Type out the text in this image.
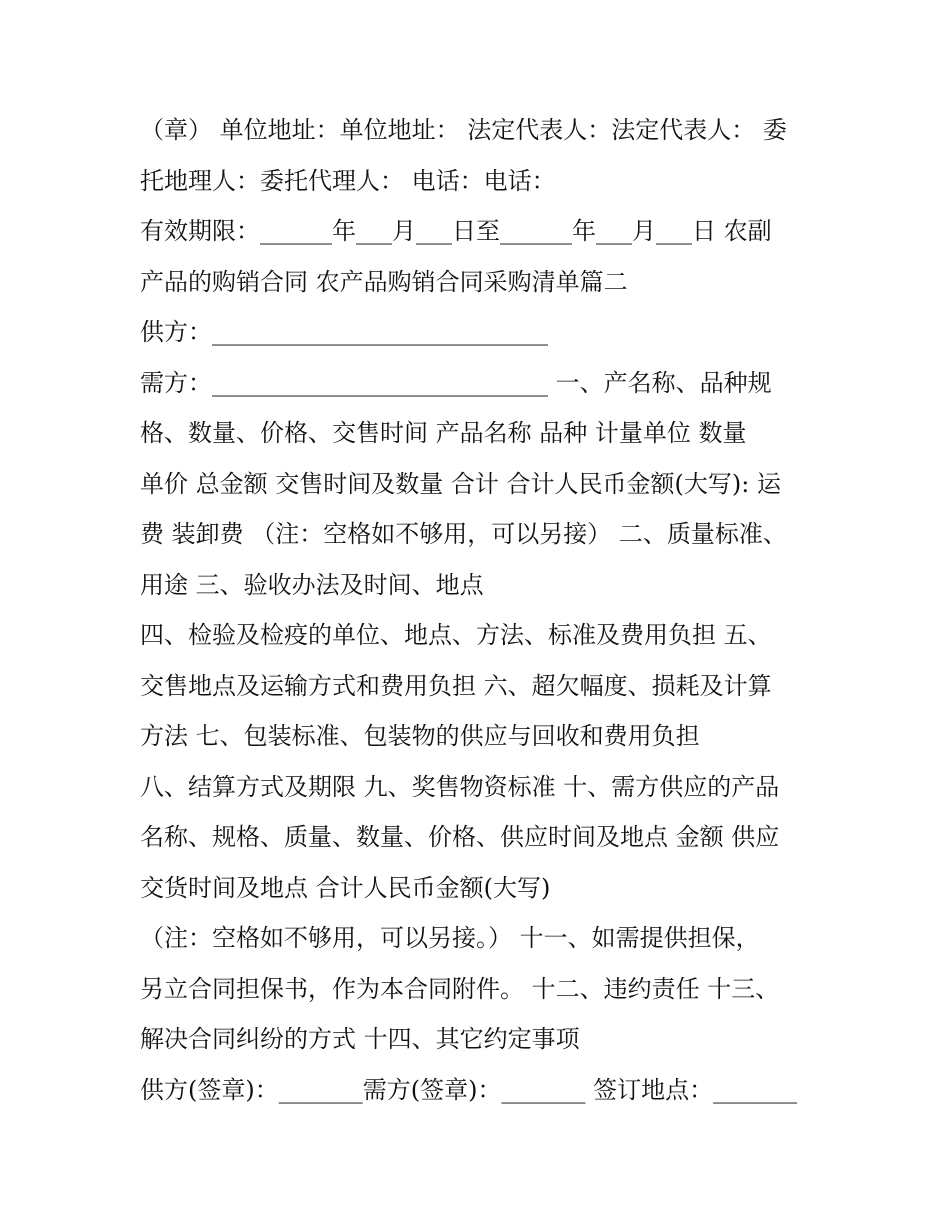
（章） 单位地址：单位地址： 法定代表人：法定代表人： 委
托地理人：委托代理人： 电话：电话：
有效期限：______年___月___日至______年___月___日 农副
产品的购销合同 农产品购销合同采购清单篇二
供方：____________________________
需方：____________________________ 一、产名称、品种规
格、数量、价格、交售时间 产品名称 品种 计量单位 数量
单价 总金额 交售时间及数量 合计 合计人民币金额(大写): 运
费 装卸费 （注：空格如不够用，可以另接） 二、质量标准、
用途 三、验收办法及时间、地点
四、检验及检疫的单位、地点、方法、标准及费用负担 五、
交售地点及运输方式和费用负担 六、超欠幅度、损耗及计算
方法 七、包装标准、包装物的供应与回收和费用负担
八、结算方式及期限 九、奖售物资标准 十、需方供应的产品
名称、规格、质量、数量、价格、供应时间及地点 金额 供应
交货时间及地点 合计人民币金额(大写)
（注：空格如不够用，可以另接。） 十一、如需提供担保，
另立合同担保书，作为本合同附件。 十二、违约责任 十三、
解决合同纠纷的方式 十四、其它约定事项
供方(签章)：_______需方(签章)：_______ 签订地点：_______
